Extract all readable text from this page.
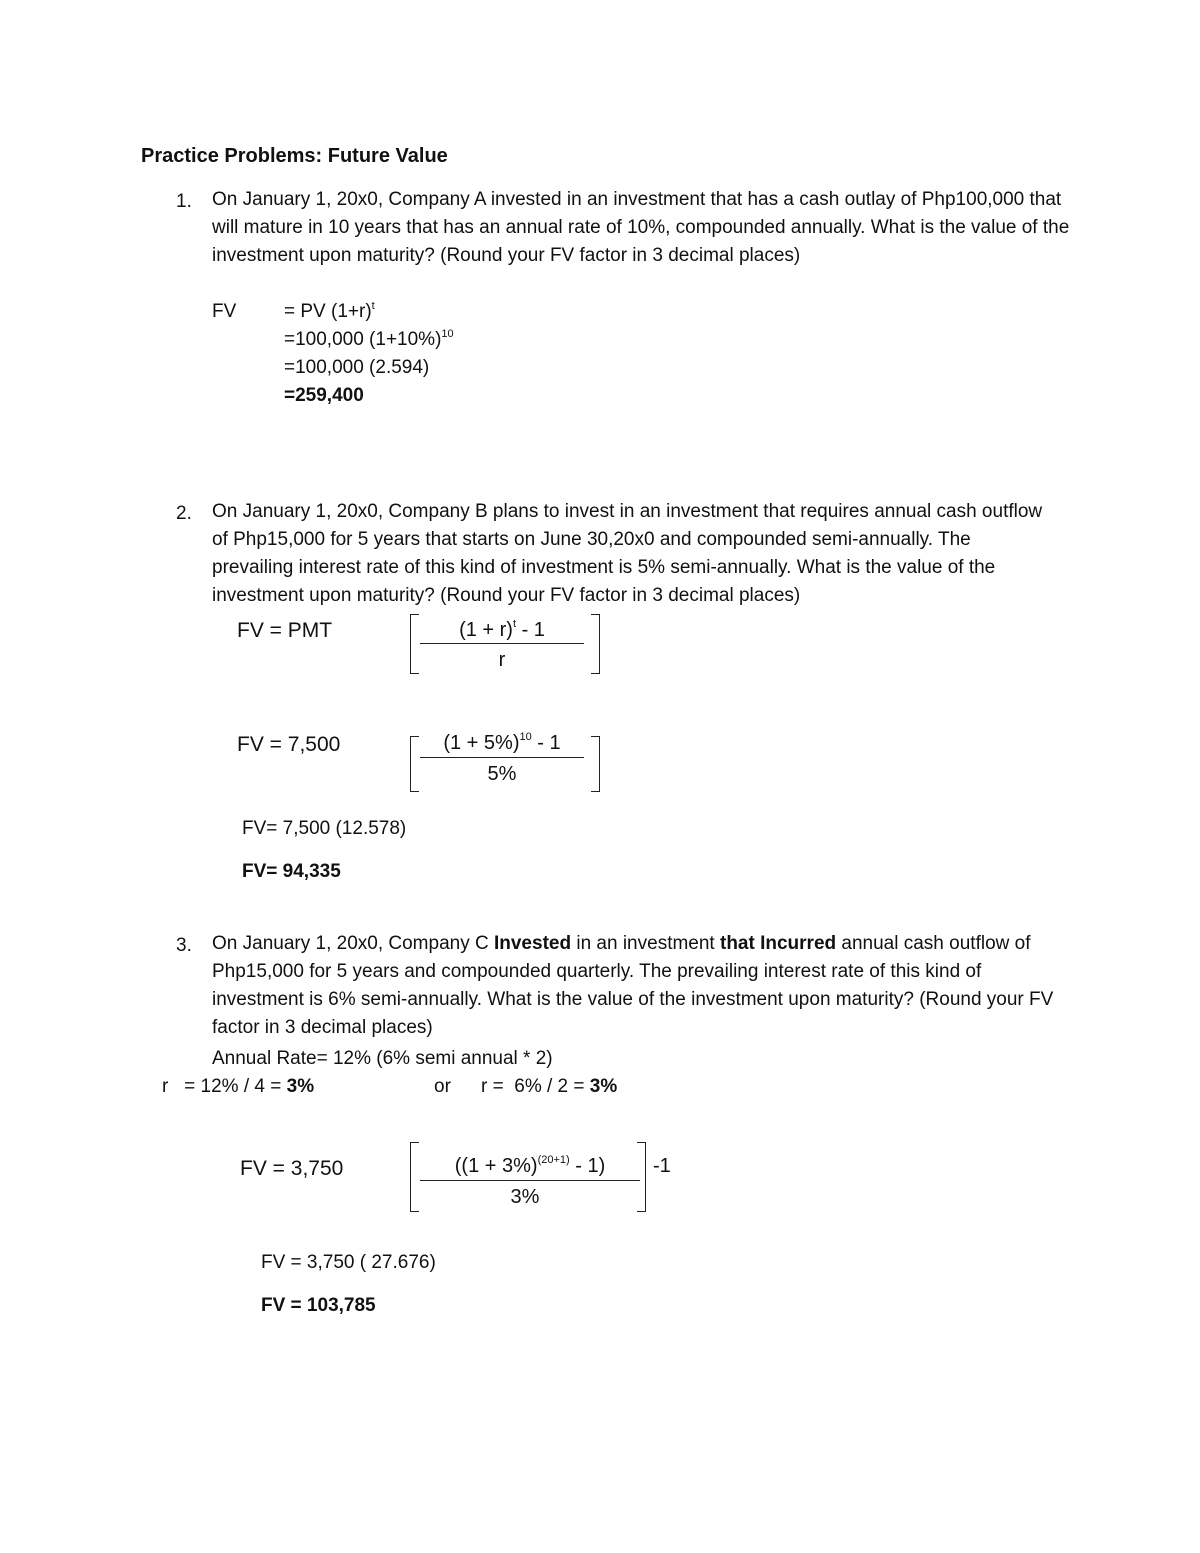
Practice Problems: Future Value
1. On January 1, 20x0, Company A invested in an investment that has a cash outlay of Php100,000 that will mature in 10 years that has an annual rate of 10%, compounded annually. What is the value of the investment upon maturity? (Round your FV factor in 3 decimal places)
FV	= PV $(1+r)^t$
=100,000 $(1+10\%)^{10}$
=100,000 (2.594)
=259,400
2. On January 1, 20x0, Company B plans to invest in an investment that requires annual cash outflow of Php15,000 for 5 years that starts on June 30,20x0 and compounded semi-annually. The prevailing interest rate of this kind of investment is 5% semi-annually. What is the value of the investment upon maturity? (Round your FV factor in 3 decimal places)
FV = PMT	$(1 + r)^t - 1$
r
FV = 7,500	$(1 + 5\%)^{10} - 1$
5%
FV= 7,500 (12.578)
FV= 94,335
3. On January 1, 20x0, Company C Invested in an investment that Incurred annual cash outflow of Php15,000 for 5 years and compounded quarterly. The prevailing interest rate of this kind of investment is 6% semi-annually. What is the value of the investment upon maturity? (Round your FV factor in 3 decimal places)
Annual Rate= 12% (6% semi annual * 2)
r   = 12% / 4 = 3%	or r =  6% / 2 = 3%
FV = 3,750	$((1 + 3\%)^{(20+1)} - 1)$
3%
-1
FV = 3,750 ( 27.676)
FV = 103,785
